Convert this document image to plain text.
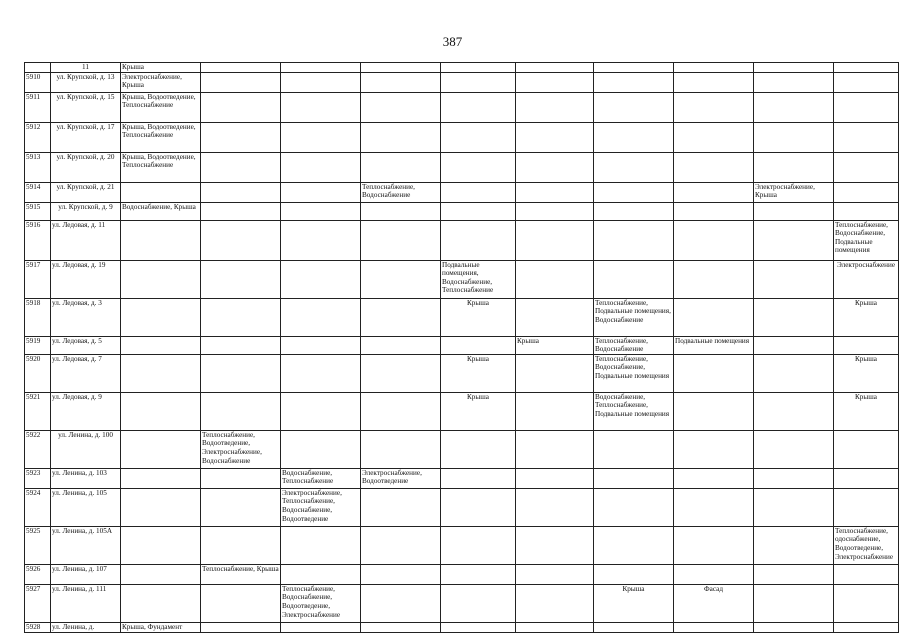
387
	11	Крыша										
5910	ул. Крупской, д. 13	Электроснабжение, Крыша										
5911	ул. Крупской, д. 15	Крыша, Водоотведение, Теплоснабжение										
5912	ул. Крупской, д. 17	Крыша, Водоотведение, Теплоснабжение										
5913	ул. Крупской, д. 20	Крыша, Водоотведение, Теплоснабжение										
5914	ул. Крупской, д. 21				Теплоснабжение, Водоснабжение					Электроснабжение, Крыша		
5915	ул. Крупской, д. 9	Водоснабжение, Крыша										
5916	ул. Ледовая, д. 11										Теплоснабжение, Водоснабжение, Подвальные помещения	
5917	ул. Ледовая, д. 19					Подвальные помещения, Водоснабжение, Теплоснабжение					Электроснабжение	
5918	ул. Ледовая, д. 3					Крыша		Теплоснабжение, Подвальные помещения, Водоснабжение			Крыша	
5919	ул. Ледовая, д. 5						Крыша	Теплоснабжение, Водоснабжение	Подвальные помещения			
5920	ул. Ледовая, д. 7					Крыша		Теплоснабжение, Водоснабжение, Подвальные помещения			Крыша	
5921	ул. Ледовая, д. 9					Крыша		Водоснабжение, Теплоснабжение, Подвальные помещения			Крыша	
5922	ул. Ленина, д. 100		Теплоснабжение, Водоотведение, Электроснабжение, Водоснабжение									
5923	ул. Ленина, д. 103			Водоснабжение, Теплоснабжение	Электроснабжение, Водоотведение							
5924	ул. Ленина, д. 105			Электроснабжение, Теплоснабжение, Водоснабжение, Водоотведение								
5925	ул. Ленина, д. 105А										Теплоснабжение, одоснабжение, Водоотведение, Электроснабжение	
5926	ул. Ленина, д. 107		Теплоснабжение, Крыша									
5927	ул. Ленина, д. 111			Теплоснабжение, Водоснабжение, Водоотведение, Электроснабжение				Крыша	Фасад			
5928	ул. Ленина, д.	Крыша, Фундамент										
